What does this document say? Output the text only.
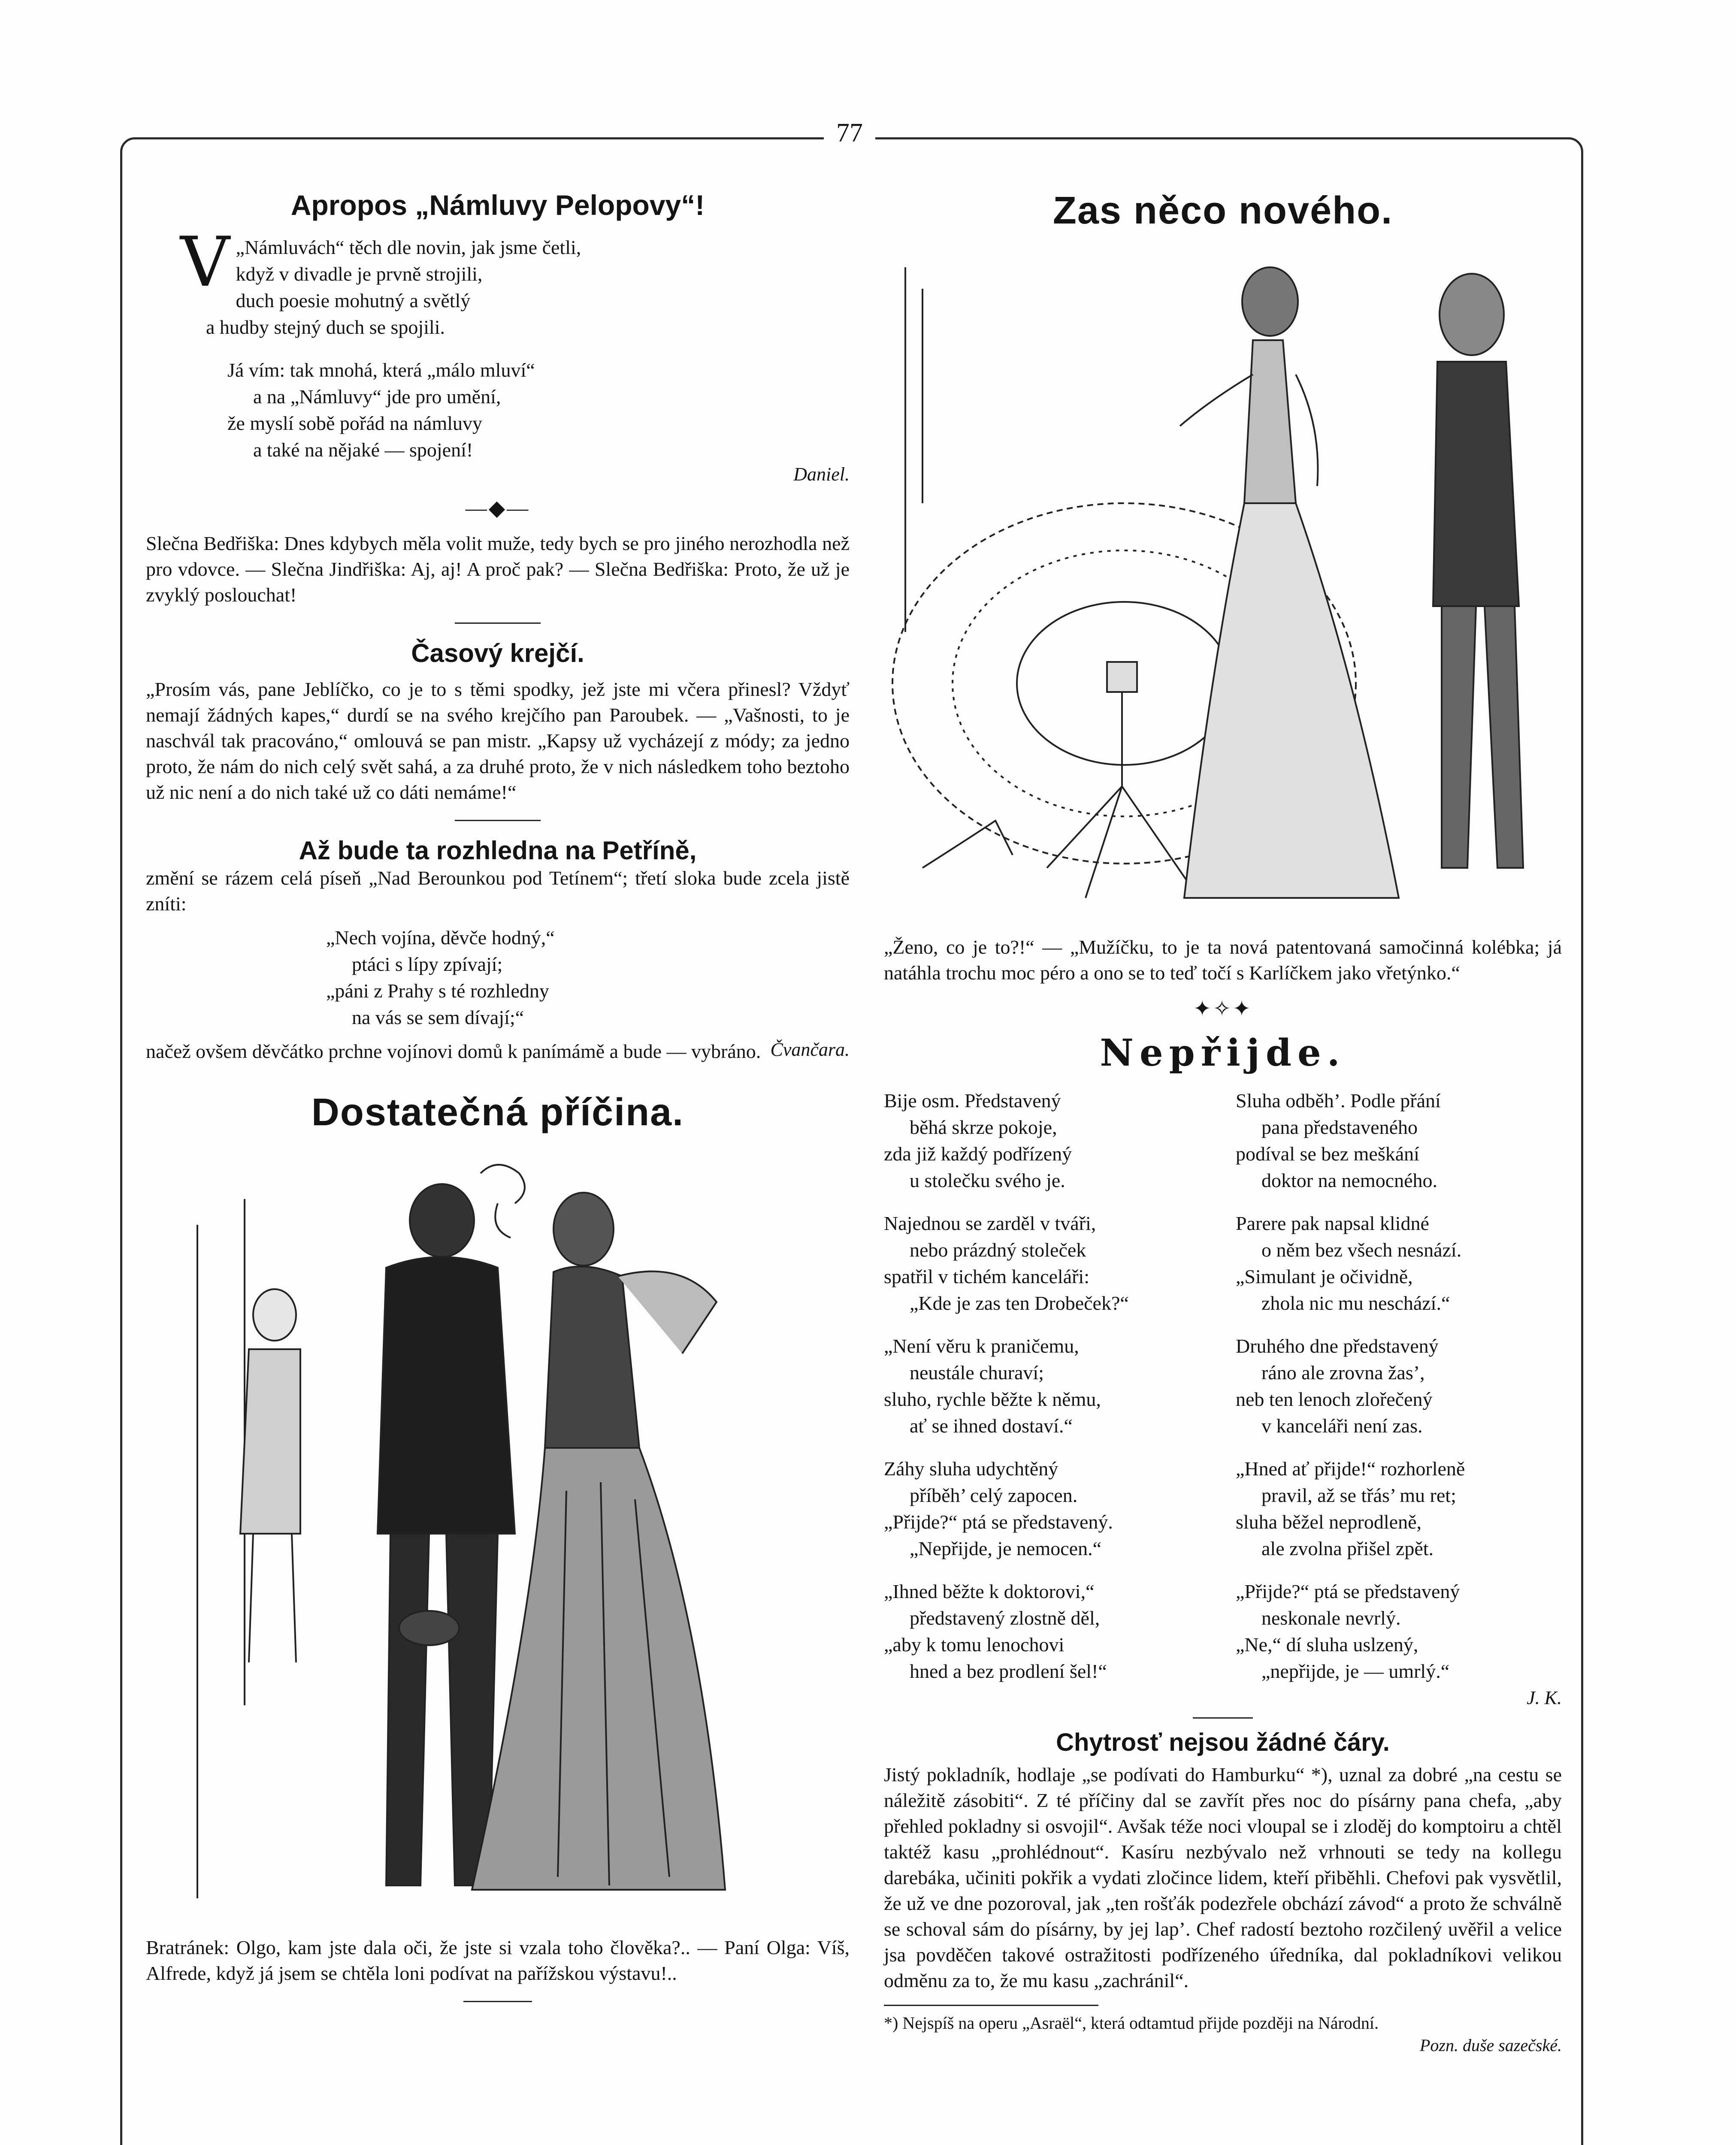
77
Apropos „Námluvy Pelopovy“!
V „Námluvách“ těch dle novin, jak jsme četli,

když v divadle je prvně strojili,

duch poesie mohutný a světlý

a hudby stejný duch se spojili.

Já vím: tak mnohá, která „málo mluví“

a na „Námluvy“ jde pro umění,

že myslí sobě pořád na námluvy

a také na nějaké — spojení!

Daniel.

—◆—

Slečna Bedřiška: Dnes kdybych měla volit muže, tedy bych se pro jiného nerozhodla než pro vdovce. — Slečna Jindřiška: Aj, aj! A proč pak? — Slečna Bedřiška: Proto, že už je zvyklý poslouchat!

Časový krejčí.

„Prosím vás, pane Jeblíčko, co je to s těmi spodky, jež jste mi včera přinesl? Vždyť nemají žádných kapes,“ durdí se na svého krejčího pan Paroubek. — „Vašnosti, to je naschvál tak pracováno,“ omlouvá se pan mistr. „Kapsy už vycházejí z módy; za jedno proto, že nám do nich celý svět sahá, a za druhé proto, že v nich následkem toho beztoho už nic není a do nich také už co dáti nemáme!“

Až bude ta rozhledna na Petříně,

změní se rázem celá píseň „Nad Berounkou pod Tetínem“; třetí sloka bude zcela jistě zníti:

„Nech vojína, děvče hodný,“

ptáci s lípy zpívají;

„páni z Prahy s té rozhledny

na vás se sem dívají;“

načež ovšem děvčátko prchne vojínovi domů k panímámě a bude — vybráno. Čvančara.

Dostatečná příčina.

Bratránek: Olgo, kam jste dala oči, že jste si vzala toho člověka?.. — Paní Olga: Víš, Alfrede, když já jsem se chtěla loni podívat na pařížskou výstavu!..

Zas něco nového.

„Ženo, co je to?!“ — „Mužíčku, to je ta nová patentovaná samočinná kolébka; já natáhla trochu moc péro a ono se to teď točí s Karlíčkem jako vřetýnko.“

✦✧✦
Nepřijde.

Bije osm. Představený

běhá skrze pokoje,

zda již každý podřízený

u stolečku svého je.

Najednou se zarděl v tváři,

nebo prázdný stoleček

spatřil v tichém kanceláři:

„Kde je zas ten Drobeček?“

„Není věru k praničemu,

neustále churaví;

sluho, rychle běžte k němu,

ať se ihned dostaví.“

Záhy sluha udychtěný

příběh’ celý zapocen.

„Přijde?“ ptá se představený.

„Nepřijde, je nemocen.“

„Ihned běžte k doktorovi,“

představený zlostně děl,

„aby k tomu lenochovi

hned a bez prodlení šel!“

Sluha odběh’. Podle přání

pana představeného

podíval se bez meškání

doktor na nemocného.

Parere pak napsal klidné

o něm bez všech nesnází.

„Simulant je očividně,

zhola nic mu neschází.“

Druhého dne představený

ráno ale zrovna žas’,

neb ten lenoch zlořečený

v kanceláři není zas.

„Hned ať přijde!“ rozhorleně

pravil, až se třás’ mu ret;

sluha běžel neprodleně,

ale zvolna přišel zpět.

„Přijde?“ ptá se představený

neskonale nevrlý.

„Ne,“ dí sluha uslzený,

„nepřijde, je — umrlý.“

J. K.

Chytrosť nejsou žádné čáry.

Jistý pokladník, hodlaje „se podívati do Hamburku“ *), uznal za dobré „na cestu se náležitě zásobiti“. Z té příčiny dal se zavřít přes noc do písárny pana chefa, „aby přehled pokladny si osvojil“. Avšak téže noci vloupal se i zloděj do komptoiru a chtěl taktéž kasu „prohlédnout“. Kasíru nezbývalo než vrhnouti se tedy na kollegu darebáka, učiniti pokřik a vydati zločince lidem, kteří přiběhli. Chefovi pak vysvětlil, že už ve dne pozoroval, jak „ten rošťák podezřele obchází závod“ a proto že schválně se schoval sám do písárny, by jej lap’. Chef radostí beztoho rozčilený uvěřil a velice jsa povděčen takové ostražitosti podřízeného úředníka, dal pokladníkovi velikou odměnu za to, že mu kasu „zachránil“.

*) Nejspíš na operu „Asraël“, která odtamtud přijde později na Národní.

Pozn. duše sazečské.
